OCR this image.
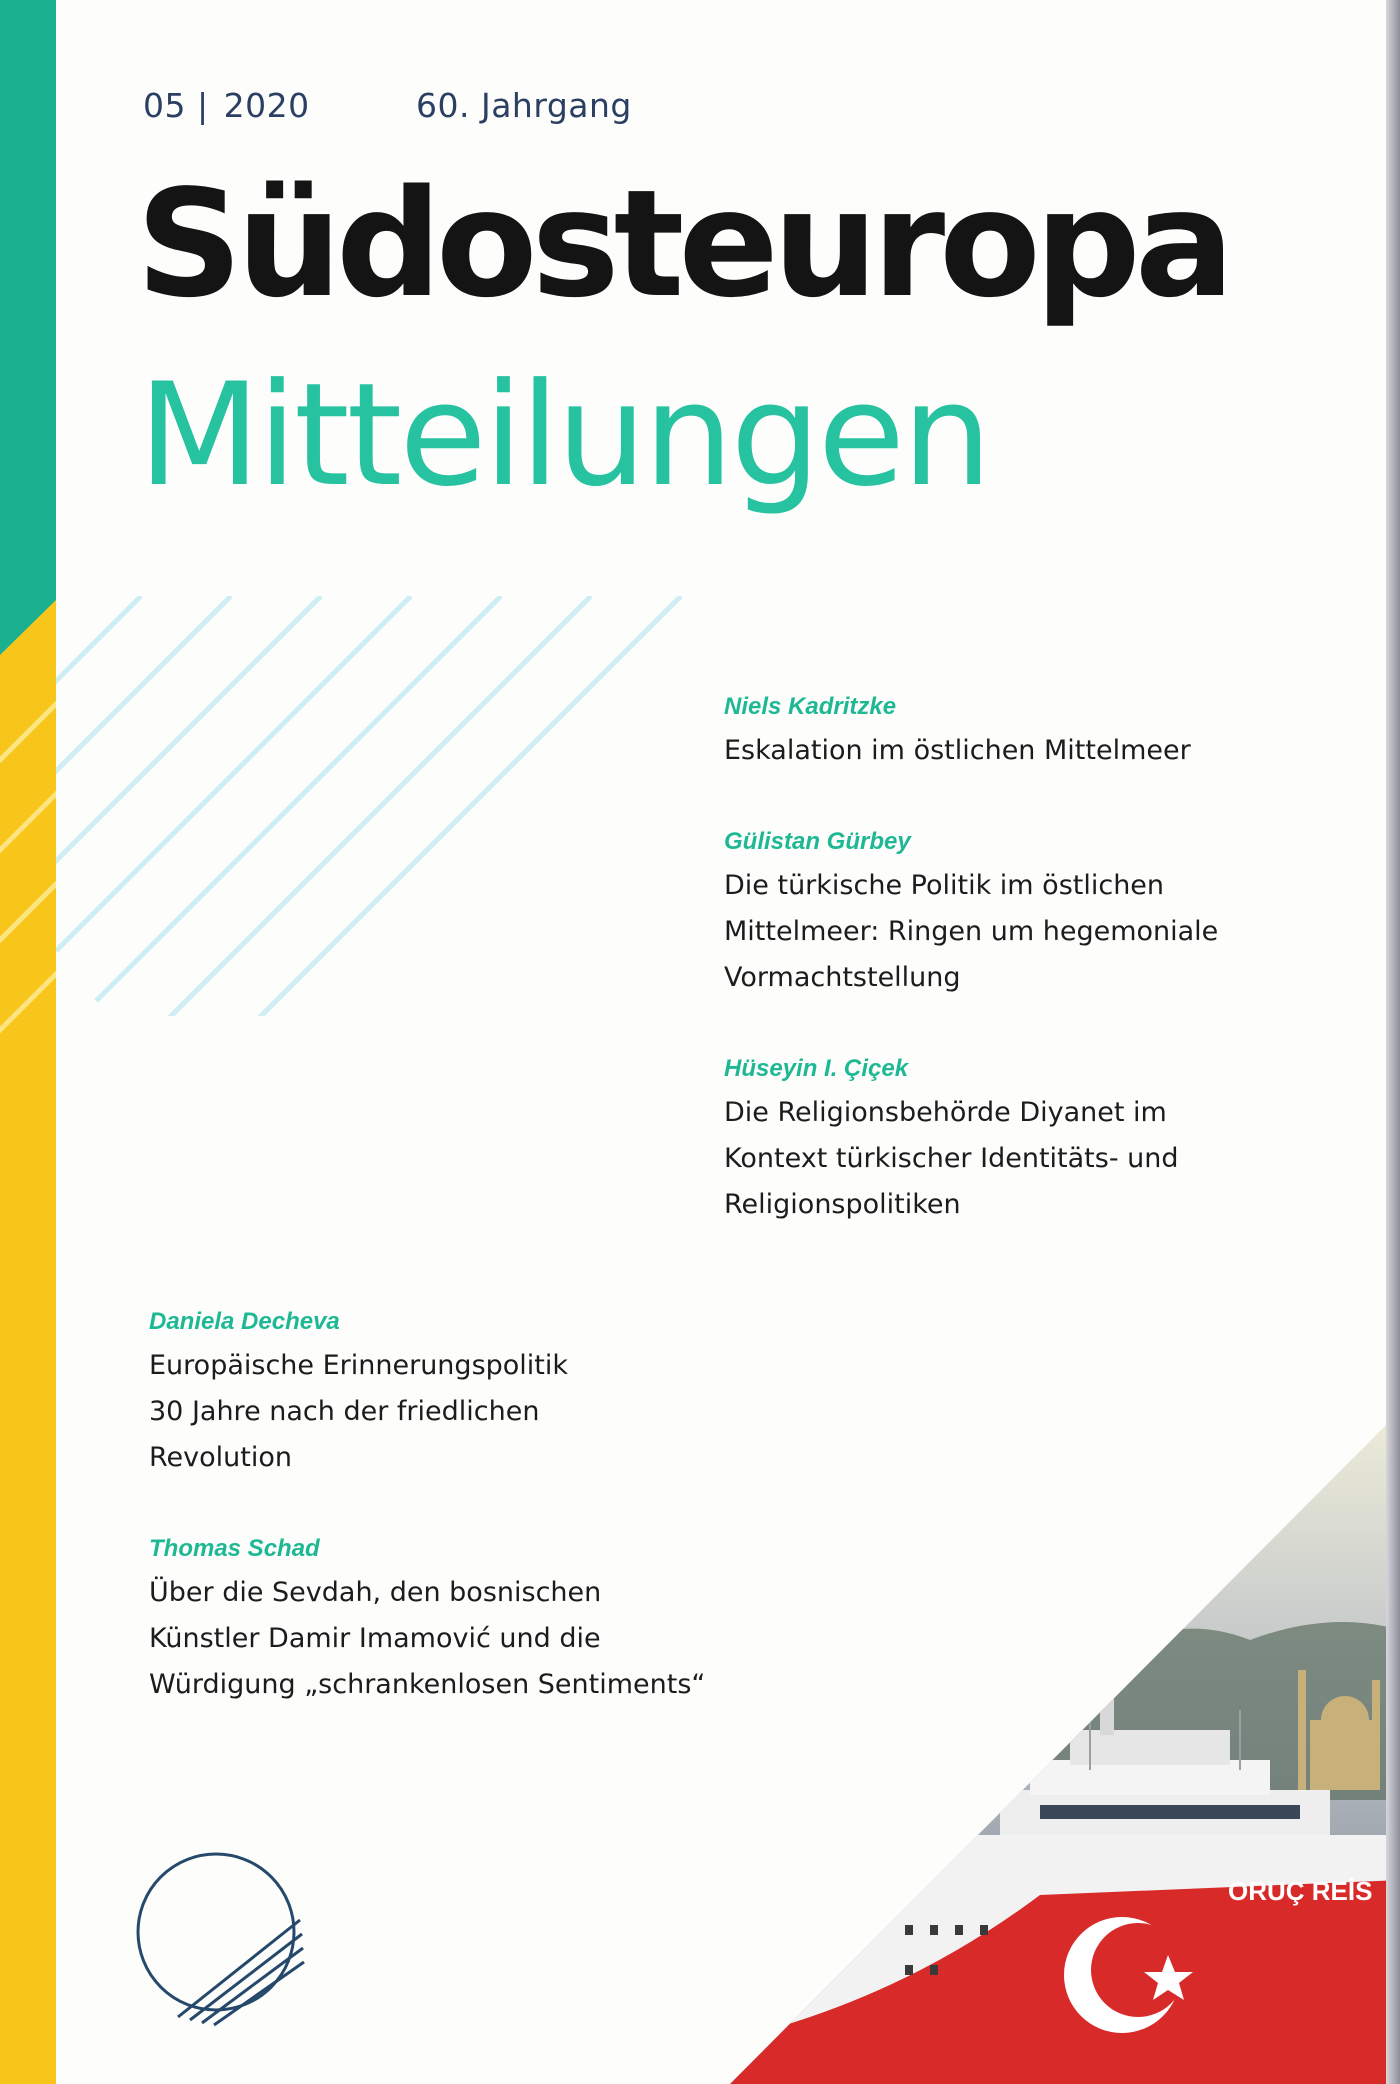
05 | 2020	60. Jahrgang
Südosteuropa
Mitteilungen

Niels Kadritzke

Eskalation im östlichen Mittelmeer

Gülistan Gürbey

Die türkische Politik im östlichen
Mittelmeer: Ringen um hegemoniale
Vormachtstellung

Hüseyin I. Çiçek

Die Religionsbehörde Diyanet im
Kontext türkischer Identitäts- und
Religionspolitiken

Daniela Decheva

Europäische Erinnerungspolitik
30 Jahre nach der friedlichen
Revolution

Thomas Schad

Über die Sevdah, den bosnischen
Künstler Damir Imamović und die
Würdigung „schrankenlosen Sentiments“

ORUÇ REİS
